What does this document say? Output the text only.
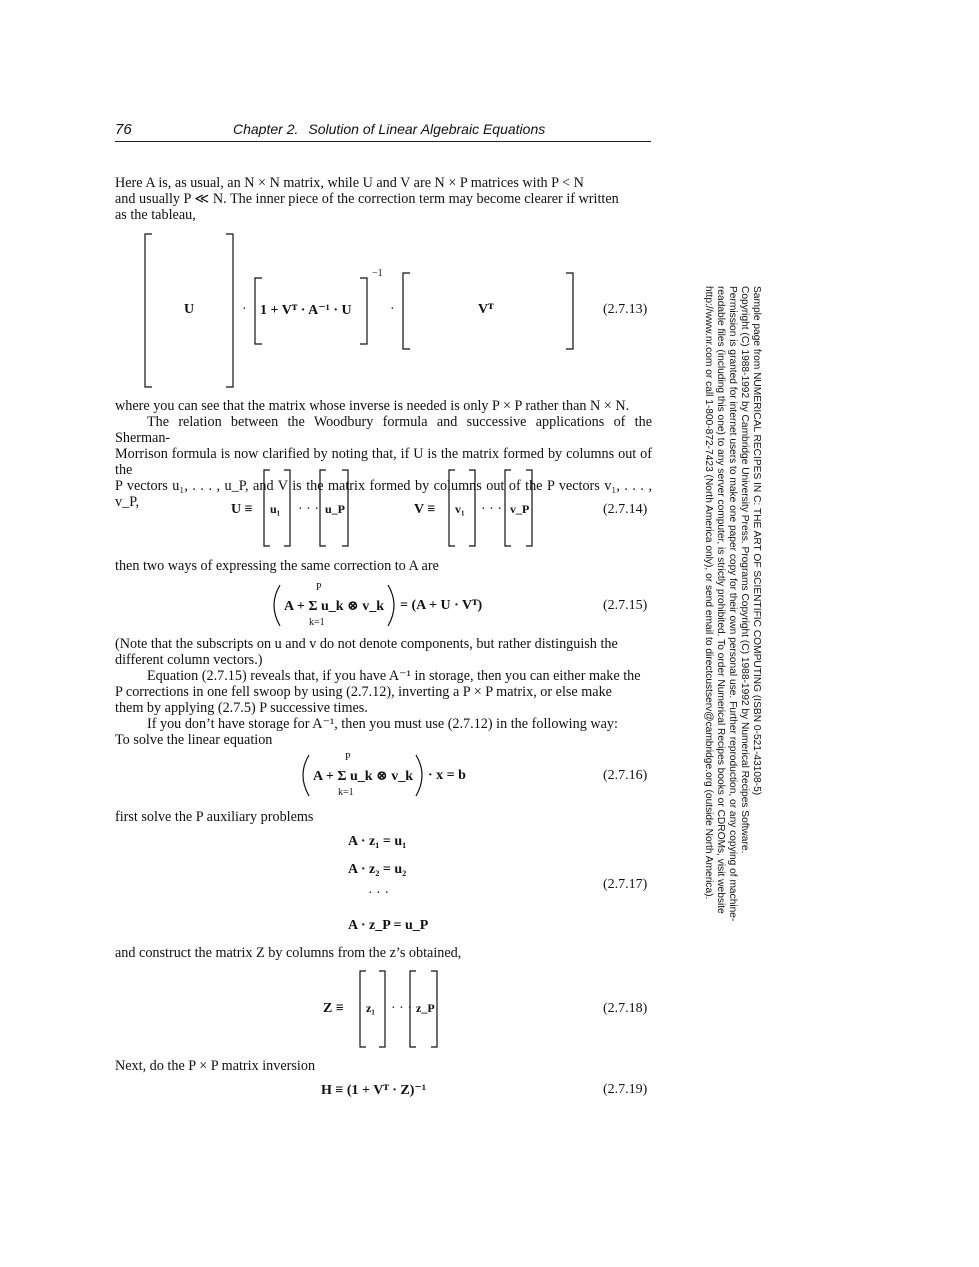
76	Chapter 2. Solution of Linear Algebraic Equations
Here A is, as usual, an N × N matrix, while U and V are N × P matrices with P < N
and usually P ≪ N. The inner piece of the correction term may become clearer if written
as the tableau,
U	· 1 + Vᵀ · A⁻¹ · U
−1
·	Vᵀ	(2.7.13)
where you can see that the matrix whose inverse is needed is only P × P rather than N × N.
The relation between the Woodbury formula and successive applications of the Sherman-
Morrison formula is now clarified by noting that, if U is the matrix formed by columns out of the
P vectors u₁, . . . , u_P, and V is the matrix formed by columns out of the P vectors v₁, . . . , v_P,	U ≡ u₁ · · · u_P	V ≡ v₁ · · · v_P	(2.7.14)
then two ways of expressing the same correction to A are
P
A + Σ u_k ⊗ v_k
k=1
= (A + U · Vᵀ)	(2.7.15)
(Note that the subscripts on u and v do not denote components, but rather distinguish the
different column vectors.)
Equation (2.7.15) reveals that, if you have A⁻¹ in storage, then you can either make the
P corrections in one fell swoop by using (2.7.12), inverting a P × P matrix, or else make
them by applying (2.7.5) P successive times.
If you don’t have storage for A⁻¹, then you must use (2.7.12) in the following way:
To solve the linear equation
P
A + Σ u_k ⊗ v_k
k=1
· x = b	(2.7.16)
first solve the P auxiliary problems
A · z₁ = u₁
A · z₂ = u₂
· · ·
A · z_P = u_P
(2.7.17)
and construct the matrix Z by columns from the z’s obtained,
Z ≡ z₁ · · · z_P	(2.7.18)
Next, do the P × P matrix inversion
H ≡ (1 + Vᵀ · Z)⁻¹	(2.7.19)
Sample page from NUMERICAL RECIPES IN C: THE ART OF SCIENTIFIC COMPUTING (ISBN 0-521-43108-5)
Copyright (C) 1988-1992 by Cambridge University Press. Programs Copyright (C) 1988-1992 by Numerical Recipes Software.
Permission is granted for internet users to make one paper copy for their own personal use. Further reproduction, or any copying of machine-
readable files (including this one) to any server computer, is strictly prohibited. To order Numerical Recipes books or CDROMs, visit website
http://www.nr.com or call 1-800-872-7423 (North America only), or send email to directcustserv@cambridge.org (outside North America).
